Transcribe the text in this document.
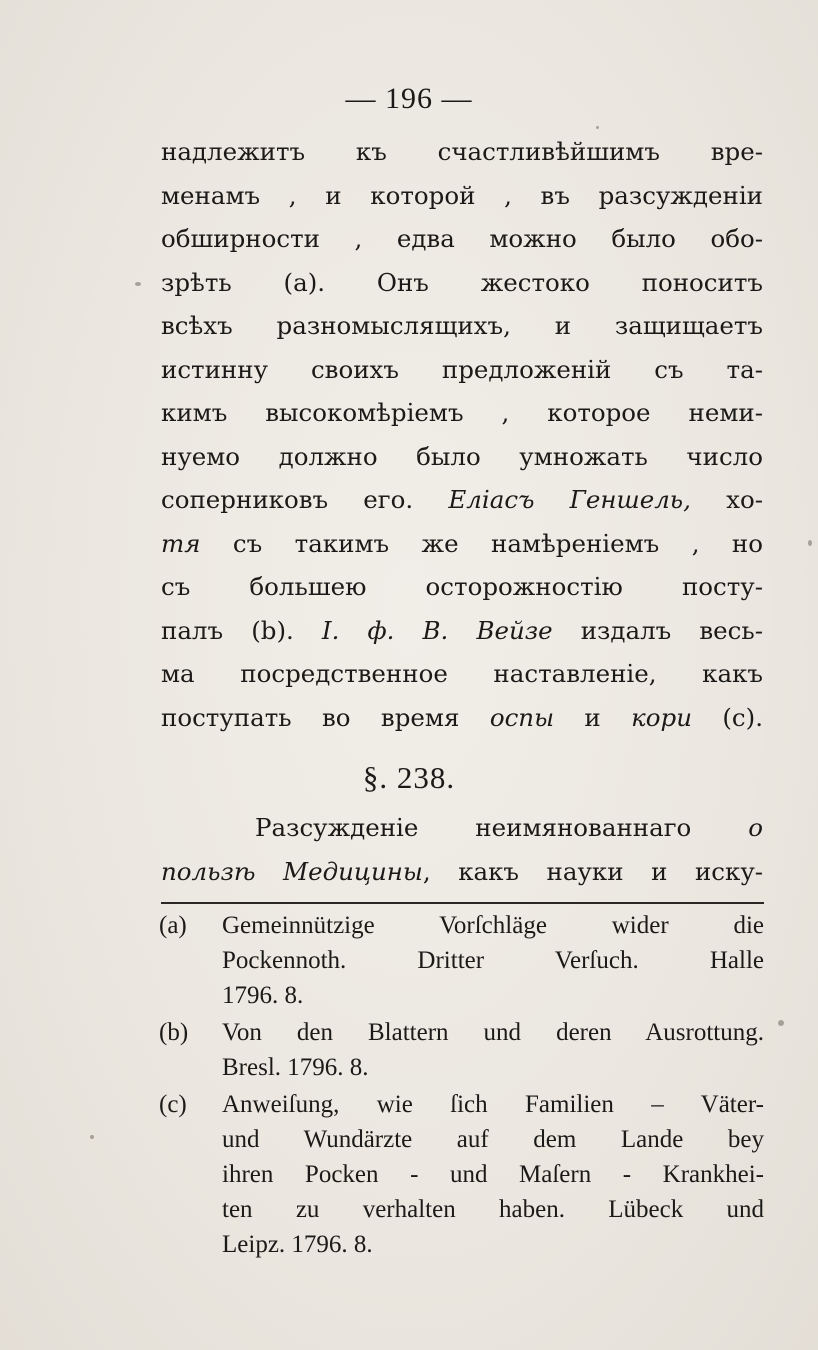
— 196 —
надлежитъ къ счастливѣйшимъ вре-
менамъ , и которой , въ разсужденiи
обширности , едва можно было обо-
зрѣть (а). Онъ жестоко поноситъ
всѣхъ разномыслящихъ, и защищаетъ
истинну своихъ предложенiй съ та-
кимъ высокомѣрiемъ , которое неми-
нуемо должно было умножать число
соперниковъ его. Елiасъ Геншель, хо-
тя съ такимъ же намѣренiемъ , но
съ большею осторожностiю посту-
палъ (b). I. ф. В. Вейзе издалъ весь-
ма посредственное наставленiе, какъ
поступать во время оспы и кори (с).
§. 238.
Разсужденiе неимянованнаго о
пользѣ Медицины, какъ науки и иску-
(a) Gemeinnützige Vorſchläge wider die
Pockennoth. Dritter Verſuch. Halle
1796. 8.
(b) Von den Blattern und deren Ausrottung.
Bresl. 1796. 8.
(c) Anweiſung, wie ſich Familien – Väter-
und Wundärzte auf dem Lande bey
ihren Pocken - und Maſern - Krankhei-
ten zu verhalten haben. Lübeck und
Leipz. 1796. 8.
